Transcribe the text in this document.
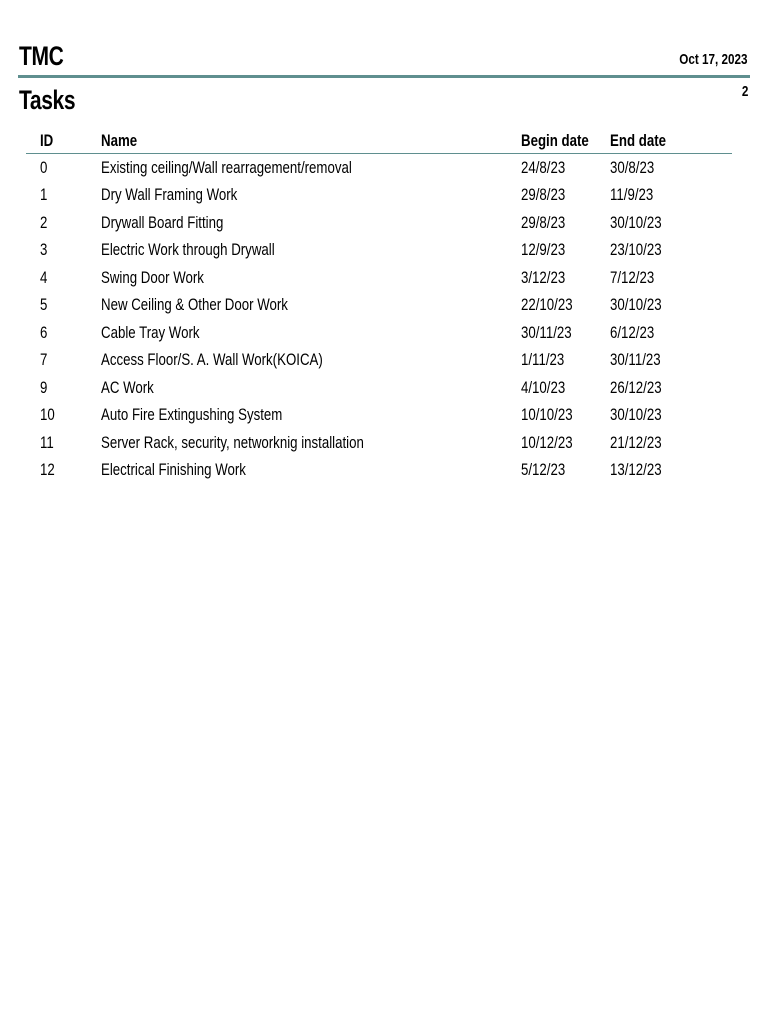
TMC	Oct 17, 2023
Tasks	2
ID	Name	Begin date	End date
0	Existing ceiling/Wall rearragement/removal	24/8/23	30/8/23
1	Dry Wall Framing Work	29/8/23	11/9/23
2	Drywall Board Fitting	29/8/23	30/10/23
3	Electric Work through Drywall	12/9/23	23/10/23
4	Swing Door Work	3/12/23	7/12/23
5	New Ceiling & Other Door Work	22/10/23	30/10/23
6	Cable Tray Work	30/11/23	6/12/23
7	Access Floor/S. A. Wall Work(KOICA)	1/11/23	30/11/23
9	AC Work	4/10/23	26/12/23
10	Auto Fire Extingushing System	10/10/23	30/10/23
11	Server Rack, security, networknig installation	10/12/23	21/12/23
12	Electrical Finishing Work	5/12/23	13/12/23
